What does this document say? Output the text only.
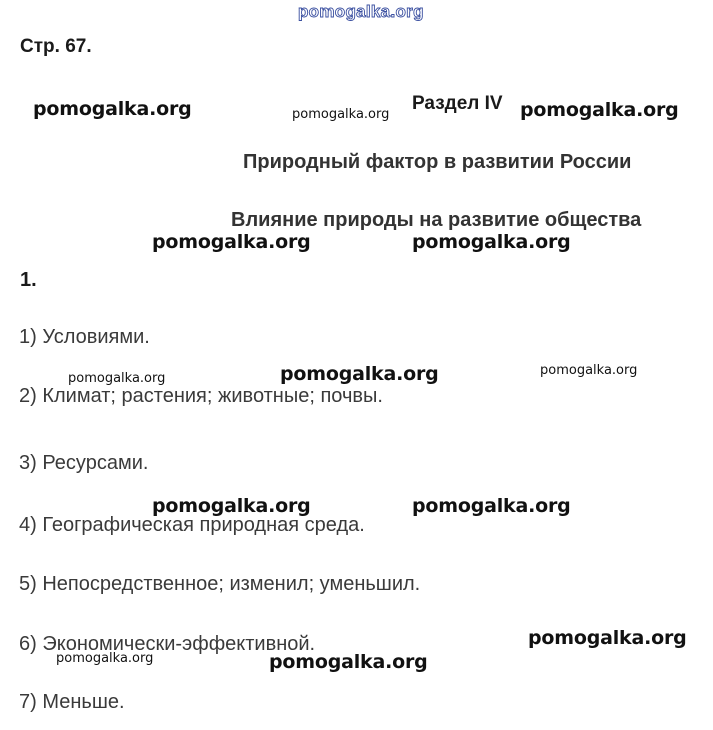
pomogalka.org
Стр. 67.
Раздел IV
Природный фактор в развитии России
Влияние природы на развитие общества
1.
1) Условиями.
2) Климат; растения; животные; почвы.
3) Ресурсами.
4) Географическая природная среда.
5) Непосредственное; изменил; уменьшил.
6) Экономически-эффективной.
7) Меньше.
pomogalka.org	pomogalka.org	pomogalka.org
pomogalka.org	pomogalka.org
pomogalka.org	pomogalka.org	pomogalka.org
pomogalka.org	pomogalka.org
pomogalka.org
pomogalka.org	pomogalka.org
